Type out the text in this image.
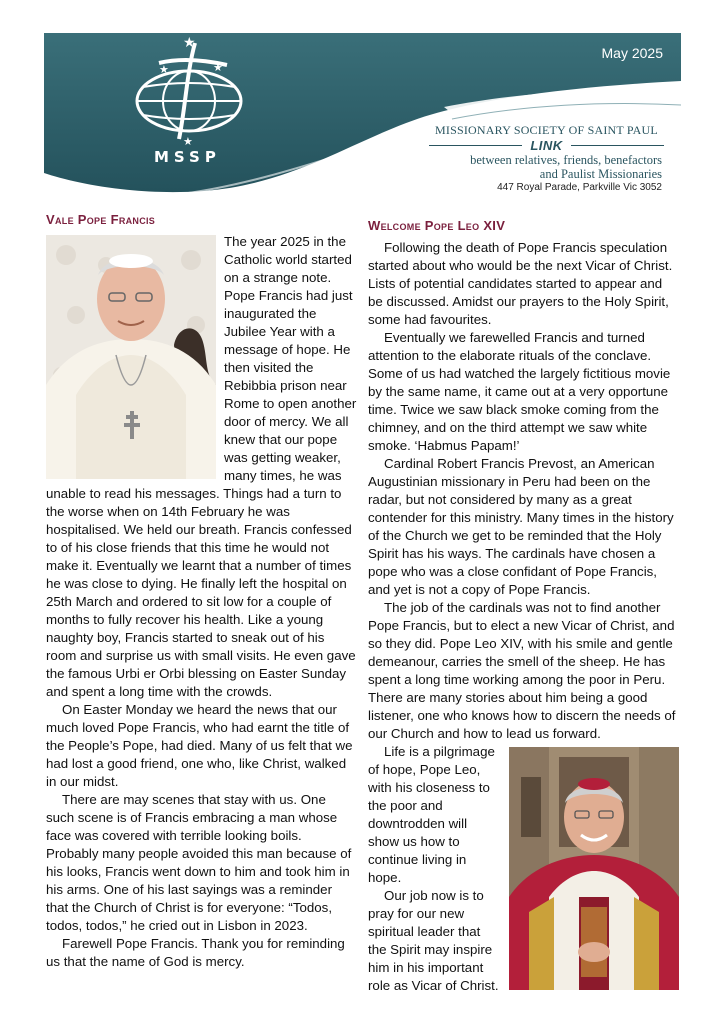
★
★	★
★
MSSP
May 2025
MISSIONARY SOCIETY OF SAINT PAUL
LINK
between relatives, friends, benefactors
and Paulist Missionaries
447 Royal Parade, Parkville Vic 3052
Vale Pope Francis

The year 2025 in the Catholic world started on a strange note. Pope Francis had just inaugurated the Jubilee Year with a message of hope. He then visited the Rebibbia prison near Rome to open another door of mercy. We all knew that our pope was getting weaker, many times, he was unable to read his messages. Things had a turn to the worse when on 14th February he was hospitalised. We held our breath. Francis confessed to of his close friends that this time he would not make it. Eventually we learnt that a number of times he was close to dying. He finally left the hospital on 25th March and ordered to sit low for a couple of months to fully recover his health. Like a young naughty boy, Francis started to sneak out of his room and surprise us with small visits. He even gave the famous Urbi er Orbi blessing on Easter Sunday and spent a long time with the crowds.

On Easter Monday we heard the news that our much loved Pope Francis, who had earnt the title of the People’s Pope, had died. Many of us felt that we had lost a good friend, one who, like Christ, walked in our midst.

There are may scenes that stay with us. One such scene is of Francis embracing a man whose face was covered with terrible looking boils. Probably many people avoided this man because of his looks, Francis went down to him and took him in his arms. One of his last sayings was a reminder that the Church of Christ is for everyone: “Todos, todos, todos,” he cried out in Lisbon in 2023.

Farewell Pope Francis. Thank you for reminding us that the name of God is mercy.

Welcome Pope Leo XIV

Following the death of Pope Francis speculation started about who would be the next Vicar of Christ. Lists of potential candidates started to appear and be discussed. Amidst our prayers to the Holy Spirit, some had favourites.

Eventually we farewelled Francis and turned attention to the elaborate rituals of the conclave. Some of us had watched the largely fictitious movie by the same name, it came out at a very opportune time. Twice we saw black smoke coming from the chimney, and on the third attempt we saw white smoke. ‘Habmus Papam!’

Cardinal Robert Francis Prevost, an American Augustinian missionary in Peru had been on the radar, but not considered by many as a great contender for this ministry. Many times in the history of the Church we get to be reminded that the Holy Spirit has his ways. The cardinals have chosen a pope who was a close confidant of Pope Francis, and yet is not a copy of Pope Francis.

The job of the cardinals was not to find another Pope Francis, but to elect a new Vicar of Christ, and so they did. Pope Leo XIV, with his smile and gentle demeanour, carries the smell of the sheep. He has spent a long time working among the poor in Peru. There are many stories about him being a good listener, one who knows how to discern the needs of our Church and how to lead us forward.

Life is a pilgrimage of hope, Pope Leo, with his closeness to the poor and downtrodden will show us how to continue living in hope.

Our job now is to pray for our new spiritual leader that the Spirit may inspire him in his important role as Vicar of Christ.
